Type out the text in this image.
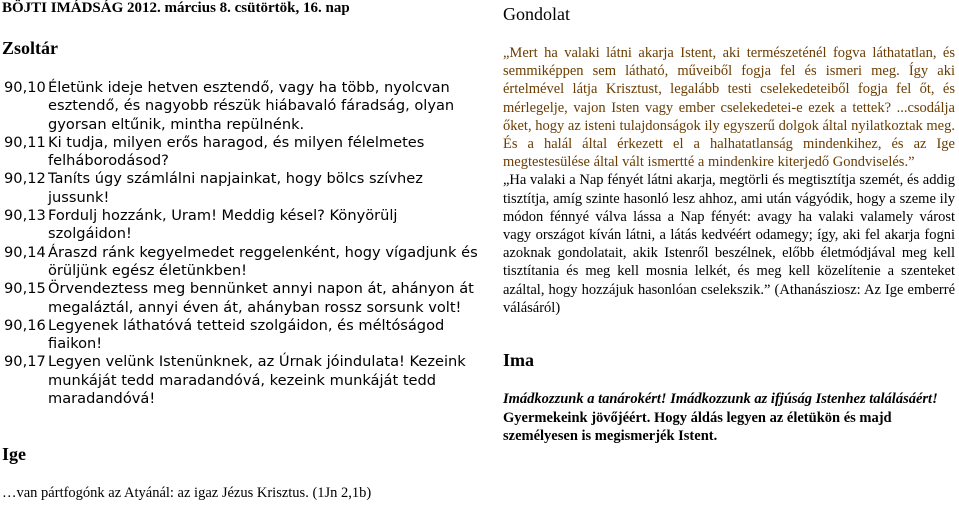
BÖJTI IMÁDSÁG 2012. március 8. csütörtök, 16. nap
Zsoltár
90,10 Életünk ideje hetven esztendő, vagy ha több, nyolcvan esztendő, és nagyobb részük hiábavaló fáradság, olyan gyorsan eltűnik, mintha repülnénk.
90,11 Ki tudja, milyen erős haragod, és milyen félelmetes felháborodásod?
90,12 Taníts úgy számlálni napjainkat, hogy bölcs szívhez jussunk!
90,13 Fordulj hozzánk, Uram! Meddig késel? Könyörülj szolgáidon!
90,14 Áraszd ránk kegyelmedet reggelenként, hogy vígadjunk és örüljünk egész életünkben!
90,15 Örvendeztess meg bennünket annyi napon át, ahányon át megaláztál, annyi éven át, ahányban rossz sorsunk volt!
90,16 Legyenek láthatóvá tetteid szolgáidon, és méltóságod fiaikon!
90,17 Legyen velünk Istenünknek, az Úrnak jóindulata! Kezeink munkáját tedd maradandóvá, kezeink munkáját tedd maradandóvá!
Ige
…van pártfogónk az Atyánál: az igaz Jézus Krisztus. (1Jn 2,1b)
Gondolat

„Mert ha valaki látni akarja Istent, aki természeténél fogva láthatatlan, és semmiképpen sem látható, műveiből fogja fel és ismeri meg. Így aki értelmével látja Krisztust, legalább testi cselekedeteiből fogja fel őt, és mérlegelje, vajon Isten vagy ember cselekedetei-e ezek a tettek? ...csodálja őket, hogy az isteni tulajdonságok ily egyszerű dolgok által nyilatkoztak meg. És a halál által érkezett el a halhatatlanság mindenkihez, és az Ige megtestesülése által vált ismertté a mindenkire kiterjedő Gondviselés.”

„Ha valaki a Nap fényét látni akarja, megtörli és megtisztítja szemét, és addig tisztítja, amíg szinte hasonló lesz ahhoz, ami után vágyódik, hogy a szeme ily módon fénnyé válva lássa a Nap fényét: avagy ha valaki valamely várost vagy országot kíván látni, a látás kedvéért odamegy; így, aki fel akarja fogni azoknak gondolatait, akik Istenről beszélnek, előbb életmódjával meg kell tisztítania és meg kell mosnia lelkét, és meg kell közelítenie a szenteket azáltal, hogy hozzájuk hasonlóan cselekszik.” (Athanásziosz: Az Ige emberré válásáról)

Ima
Imádkozzunk a tanárokért! Imádkozzunk az ifjúság Istenhez találásáért! Gyermekeink jövőjéért. Hogy áldás legyen az életükön és majd személyesen is megismerjék Istent.
